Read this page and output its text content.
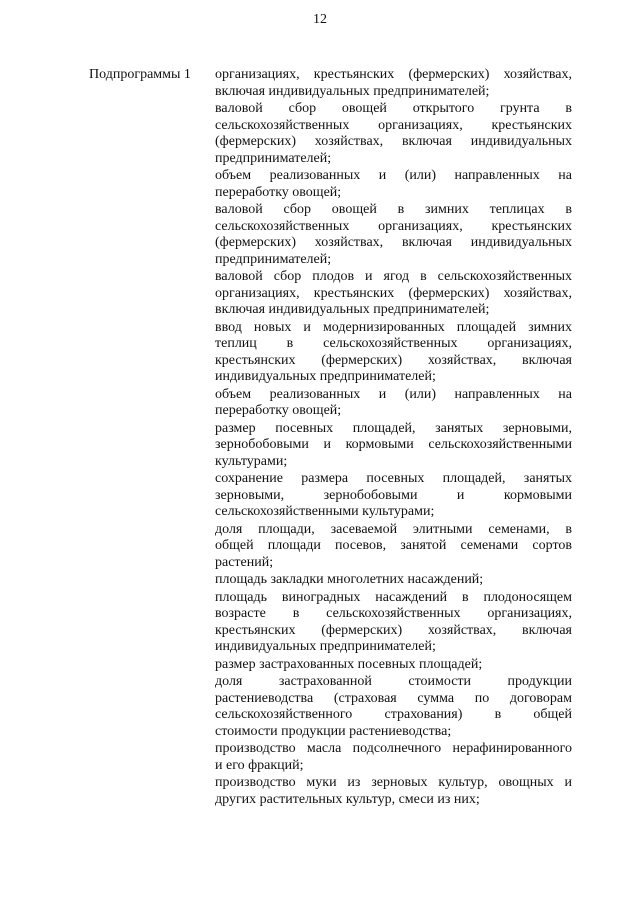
12
Подпрограммы 1 организациях, крестьянских (фермерских) хозяйствах,
включая индивидуальных предпринимателей;
валовой сбор овощей открытого грунта в
сельскохозяйственных организациях, крестьянских
(фермерских) хозяйствах, включая индивидуальных
предпринимателей;
объем реализованных и (или) направленных на
переработку овощей;
валовой сбор овощей в зимних теплицах в
сельскохозяйственных организациях, крестьянских
(фермерских) хозяйствах, включая индивидуальных
предпринимателей;
валовой сбор плодов и ягод в сельскохозяйственных
организациях, крестьянских (фермерских) хозяйствах,
включая индивидуальных предпринимателей;
ввод новых и модернизированных площадей зимних
теплиц в сельскохозяйственных организациях,
крестьянских (фермерских) хозяйствах, включая
индивидуальных предпринимателей;
объем реализованных и (или) направленных на
переработку овощей;
размер посевных площадей, занятых зерновыми,
зернобобовыми и кормовыми сельскохозяйственными
культурами;
сохранение размера посевных площадей, занятых
зерновыми, зернобобовыми и кормовыми
сельскохозяйственными культурами;
доля площади, засеваемой элитными семенами, в
общей площади посевов, занятой семенами сортов
растений;
площадь закладки многолетних насаждений;
площадь виноградных насаждений в плодоносящем
возрасте в сельскохозяйственных организациях,
крестьянских (фермерских) хозяйствах, включая
индивидуальных предпринимателей;
размер застрахованных посевных площадей;
доля застрахованной стоимости продукции
растениеводства (страховая сумма по договорам
сельскохозяйственного страхования) в общей
стоимости продукции растениеводства;
производство масла подсолнечного нерафинированного
и его фракций;
производство муки из зерновых культур, овощных и
других растительных культур, смеси из них;
